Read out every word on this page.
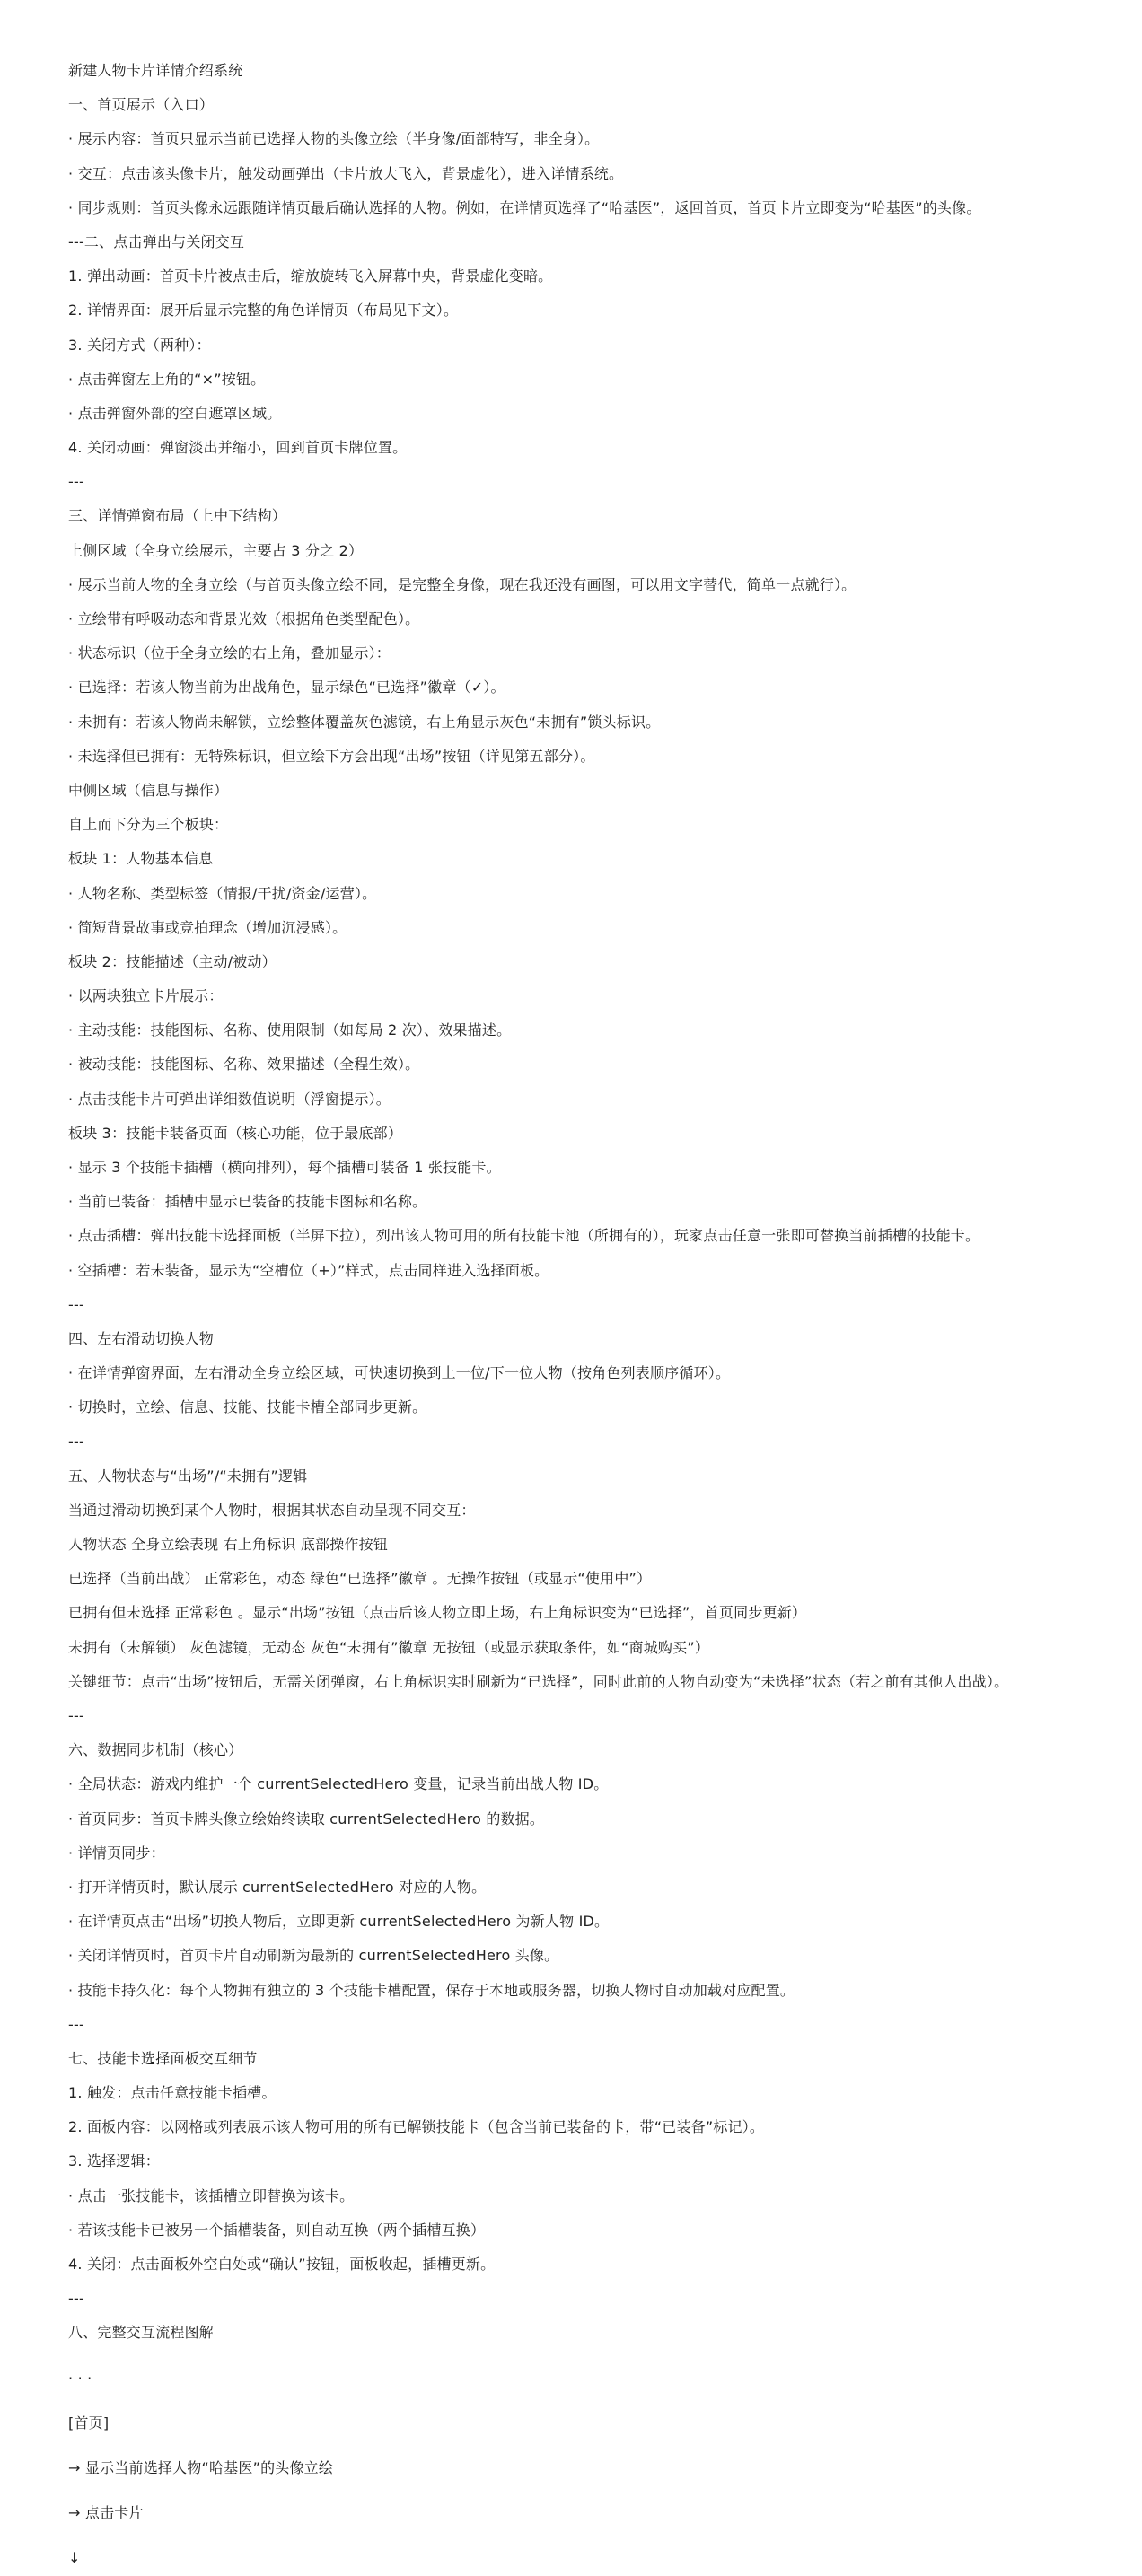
新建人物卡片详情介绍系统
一、首页展示（入口）
· 展示内容：首页只显示当前已选择人物的头像立绘（半身像/面部特写，非全身）。
· 交互：点击该头像卡片，触发动画弹出（卡片放大飞入，背景虚化），进入详情系统。
· 同步规则：首页头像永远跟随详情页最后确认选择的人物。例如，在详情页选择了“哈基医”，返回首页，首页卡片立即变为“哈基医”的头像。
---二、点击弹出与关闭交互
1. 弹出动画：首页卡片被点击后，缩放旋转飞入屏幕中央，背景虚化变暗。
2. 详情界面：展开后显示完整的角色详情页（布局见下文）。
3. 关闭方式（两种）：
· 点击弹窗左上角的“×”按钮。
· 点击弹窗外部的空白遮罩区域。
4. 关闭动画：弹窗淡出并缩小，回到首页卡牌位置。
---
三、详情弹窗布局（上中下结构）
上侧区域（全身立绘展示，主要占 3 分之 2）
· 展示当前人物的全身立绘（与首页头像立绘不同，是完整全身像，现在我还没有画图，可以用文字替代，简单一点就行）。
· 立绘带有呼吸动态和背景光效（根据角色类型配色）。
· 状态标识（位于全身立绘的右上角，叠加显示）：
· 已选择：若该人物当前为出战角色，显示绿色“已选择”徽章（✓）。
· 未拥有：若该人物尚未解锁，立绘整体覆盖灰色滤镜，右上角显示灰色“未拥有”锁头标识。
· 未选择但已拥有：无特殊标识，但立绘下方会出现“出场”按钮（详见第五部分）。
中侧区域（信息与操作）
自上而下分为三个板块：
板块 1：人物基本信息
· 人物名称、类型标签（情报/干扰/资金/运营）。
· 简短背景故事或竞拍理念（增加沉浸感）。
板块 2：技能描述（主动/被动）
· 以两块独立卡片展示：
· 主动技能：技能图标、名称、使用限制（如每局 2 次）、效果描述。
· 被动技能：技能图标、名称、效果描述（全程生效）。
· 点击技能卡片可弹出详细数值说明（浮窗提示）。
板块 3：技能卡装备页面（核心功能，位于最底部）
· 显示 3 个技能卡插槽（横向排列），每个插槽可装备 1 张技能卡。
· 当前已装备：插槽中显示已装备的技能卡图标和名称。
· 点击插槽：弹出技能卡选择面板（半屏下拉），列出该人物可用的所有技能卡池（所拥有的），玩家点击任意一张即可替换当前插槽的技能卡。
· 空插槽：若未装备，显示为“空槽位（+）”样式，点击同样进入选择面板。
---
四、左右滑动切换人物
· 在详情弹窗界面，左右滑动全身立绘区域，可快速切换到上一位/下一位人物（按角色列表顺序循环）。
· 切换时，立绘、信息、技能、技能卡槽全部同步更新。
---
五、人物状态与“出场”/“未拥有”逻辑
当通过滑动切换到某个人物时，根据其状态自动呈现不同交互：
人物状态 全身立绘表现 右上角标识 底部操作按钮
已选择（当前出战） 正常彩色，动态 绿色“已选择”徽章 。无操作按钮（或显示“使用中”）
已拥有但未选择 正常彩色 。显示“出场”按钮（点击后该人物立即上场，右上角标识变为“已选择”，首页同步更新）
未拥有（未解锁） 灰色滤镜，无动态 灰色“未拥有”徽章 无按钮（或显示获取条件，如“商城购买”）
关键细节：点击“出场”按钮后，无需关闭弹窗，右上角标识实时刷新为“已选择”，同时此前的人物自动变为“未选择”状态（若之前有其他人出战）。
---
六、数据同步机制（核心）
· 全局状态：游戏内维护一个 currentSelectedHero 变量，记录当前出战人物 ID。
· 首页同步：首页卡牌头像立绘始终读取 currentSelectedHero 的数据。
· 详情页同步：
· 打开详情页时，默认展示 currentSelectedHero 对应的人物。
· 在详情页点击“出场”切换人物后，立即更新 currentSelectedHero 为新人物 ID。
· 关闭详情页时，首页卡片自动刷新为最新的 currentSelectedHero 头像。
· 技能卡持久化：每个人物拥有独立的 3 个技能卡槽配置，保存于本地或服务器，切换人物时自动加载对应配置。
---
七、技能卡选择面板交互细节
1. 触发：点击任意技能卡插槽。
2. 面板内容：以网格或列表展示该人物可用的所有已解锁技能卡（包含当前已装备的卡，带“已装备”标记）。
3. 选择逻辑：
· 点击一张技能卡，该插槽立即替换为该卡。
· 若该技能卡已被另一个插槽装备，则自动互换（两个插槽互换）
4. 关闭：点击面板外空白处或“确认”按钮，面板收起，插槽更新。
---
八、完整交互流程图解
· · ·
[首页]
→ 显示当前选择人物“哈基医”的头像立绘
→ 点击卡片
↓
